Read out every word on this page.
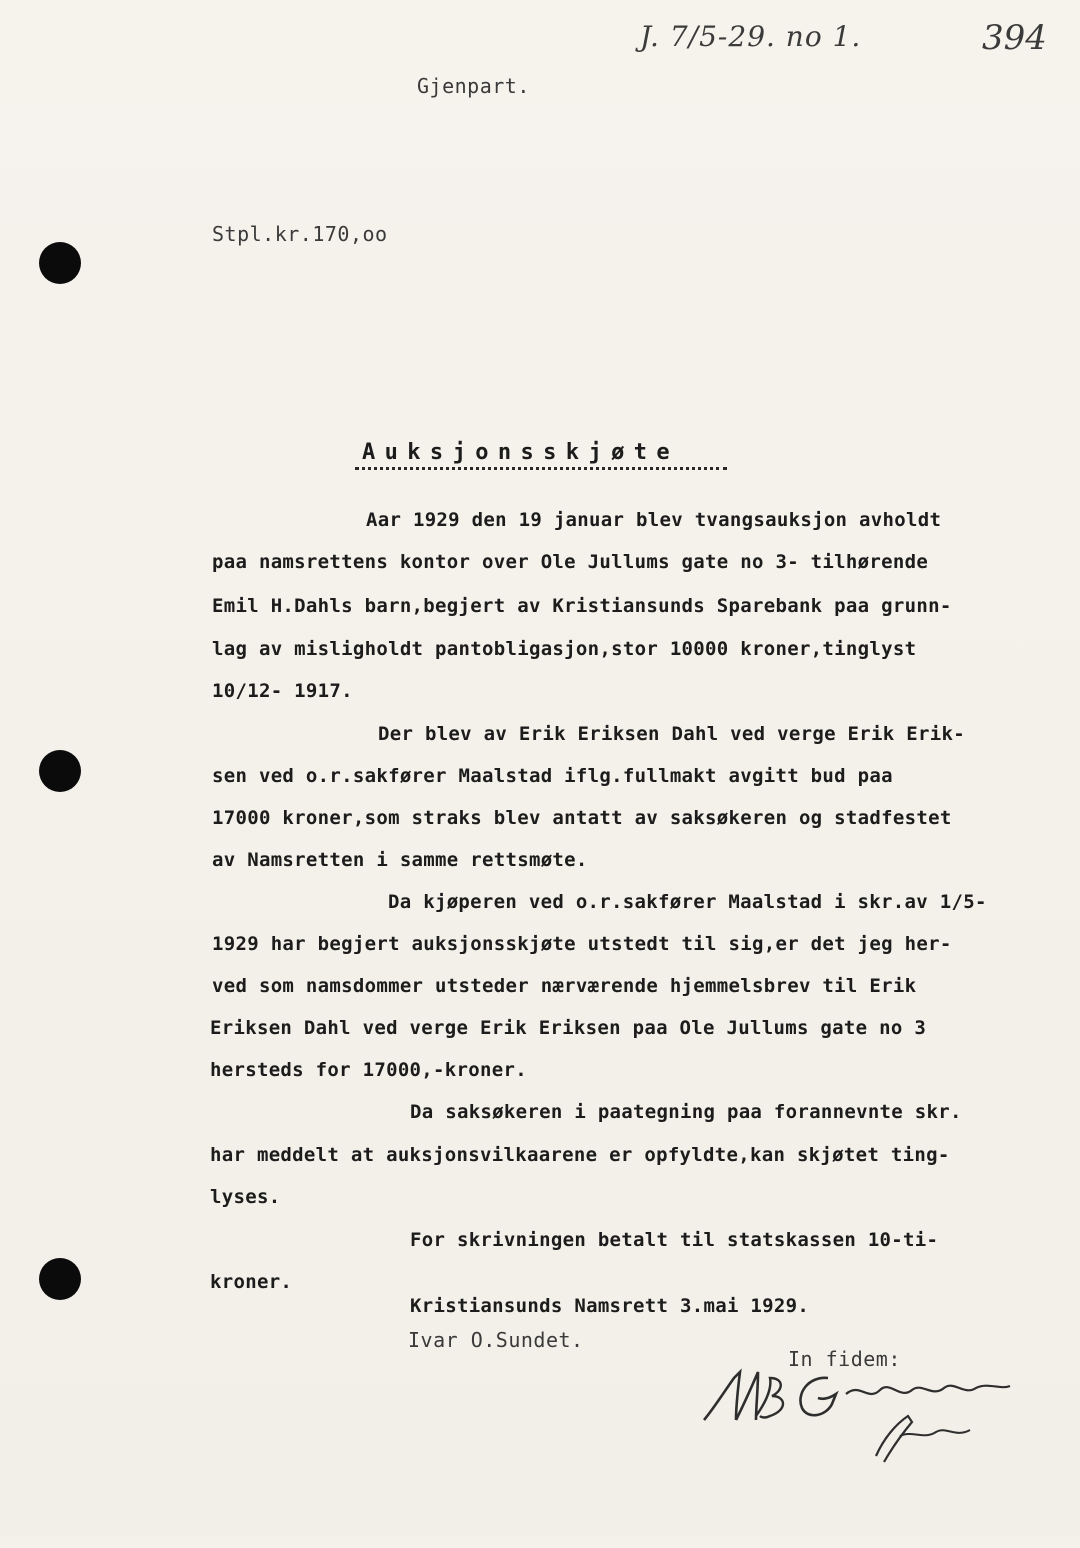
J. 7/5-29. no 1.	394
Gjenpart.
Stpl.kr.170,oo
Auksjonsskjøte
Aar 1929 den 19 januar blev tvangsauksjon avholdt
paa namsrettens kontor over Ole Jullums gate no 3- tilhørende
Emil H.Dahls barn,begjert av Kristiansunds Sparebank paa grunn-
lag av misligholdt pantobligasjon,stor 10000 kroner,tinglyst
10/12- 1917.
Der blev av Erik Eriksen Dahl ved verge Erik Erik-
sen ved o.r.sakfører Maalstad iflg.fullmakt avgitt bud paa
17000 kroner,som straks blev antatt av saksøkeren og stadfestet
av Namsretten i samme rettsmøte.
Da kjøperen ved o.r.sakfører Maalstad i skr.av 1/5-
1929 har begjert auksjonsskjøte utstedt til sig,er det jeg her-
ved som namsdommer utsteder nærværende hjemmelsbrev til Erik
Eriksen Dahl ved verge Erik Eriksen paa Ole Jullums gate no 3
hersteds for 17000,-kroner.
Da saksøkeren i paategning paa forannevnte skr.
har meddelt at auksjonsvilkaarene er opfyldte,kan skjøtet ting-
lyses.
For skrivningen betalt til statskassen 10-ti-
kroner.
Kristiansunds Namsrett 3.mai 1929.
Ivar O.Sundet.
In fidem:
